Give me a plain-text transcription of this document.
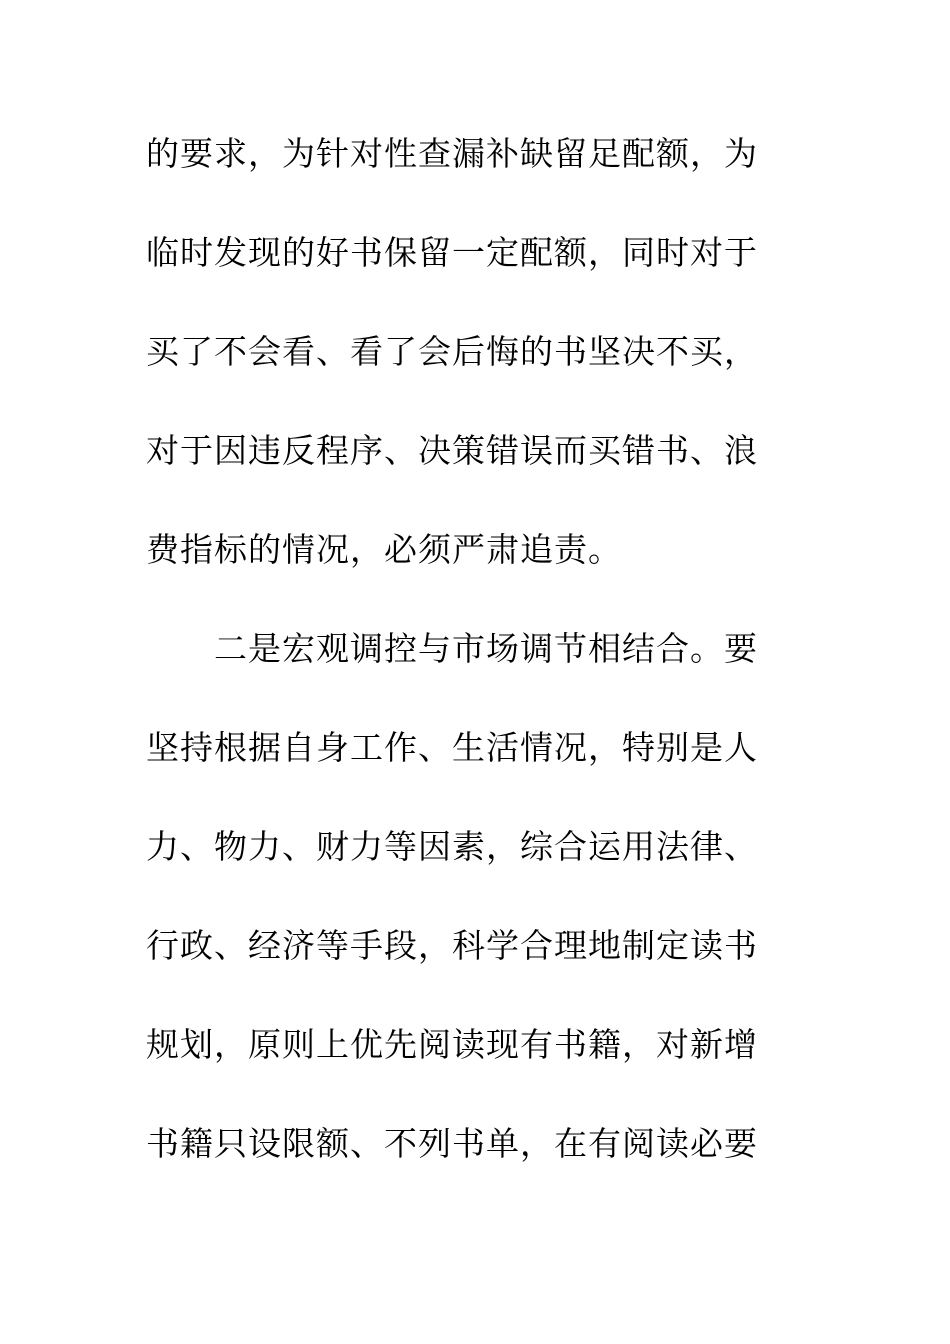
的要求，为针对性查漏补缺留足配额，为
临时发现的好书保留一定配额，同时对于
买了不会看、看了会后悔的书坚决不买，
对于因违反程序、决策错误而买错书、浪
费指标的情况，必须严肃追责。
二是宏观调控与市场调节相结合。要
坚持根据自身工作、生活情况，特别是人
力、物力、财力等因素，综合运用法律、
行政、经济等手段，科学合理地制定读书
规划，原则上优先阅读现有书籍，对新增
书籍只设限额、不列书单，在有阅读必要
